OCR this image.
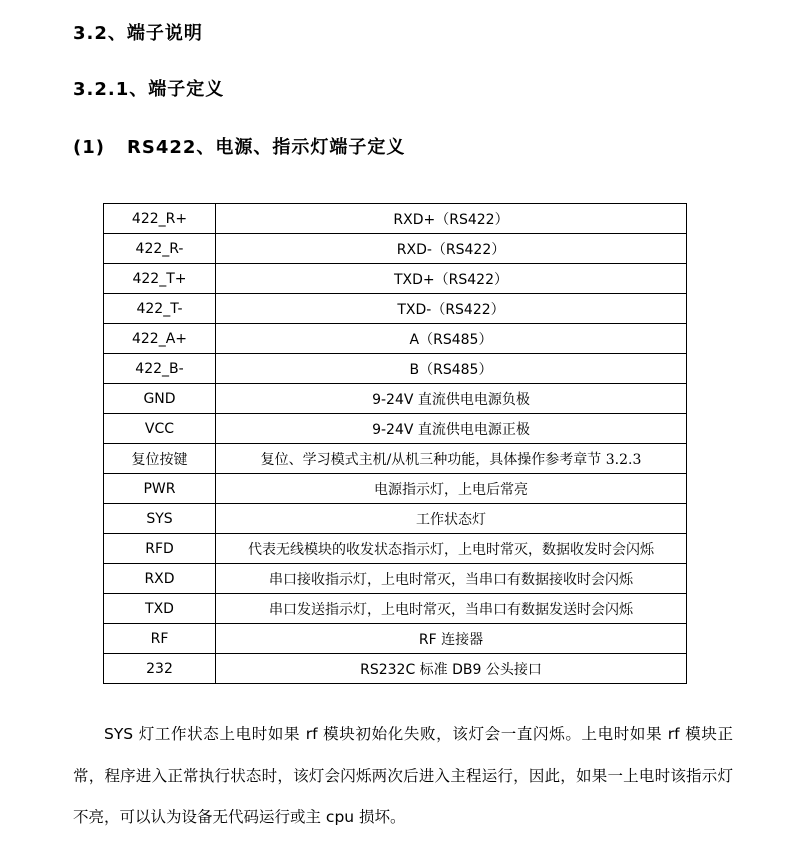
3.2、端子说明
3.2.1、端子定义
(1) RS422、电源、指示灯端子定义
422_R+	RXD+（RS422）
422_R-	RXD-（RS422）
422_T+	TXD+（RS422）
422_T-	TXD-（RS422）
422_A+	A（RS485）
422_B-	B（RS485）
GND	9-24V 直流供电电源负极
VCC	9-24V 直流供电电源正极
复位按键	复位、学习模式主机/从机三种功能，具体操作参考章节 3.2.3
PWR	电源指示灯，上电后常亮
SYS	工作状态灯
RFD	代表无线模块的收发状态指示灯，上电时常灭，数据收发时会闪烁
RXD	串口接收指示灯，上电时常灭，当串口有数据接收时会闪烁
TXD	串口发送指示灯，上电时常灭，当串口有数据发送时会闪烁
RF	RF 连接器
232	RS232C 标准 DB9 公头接口
SYS 灯工作状态上电时如果 rf 模块初始化失败，该灯会一直闪烁。上电时如果 rf 模块正常，程序进入正常执行状态时，该灯会闪烁两次后进入主程运行，因此，如果一上电时该指示灯不亮，可以认为设备无代码运行或主 cpu 损坏。
